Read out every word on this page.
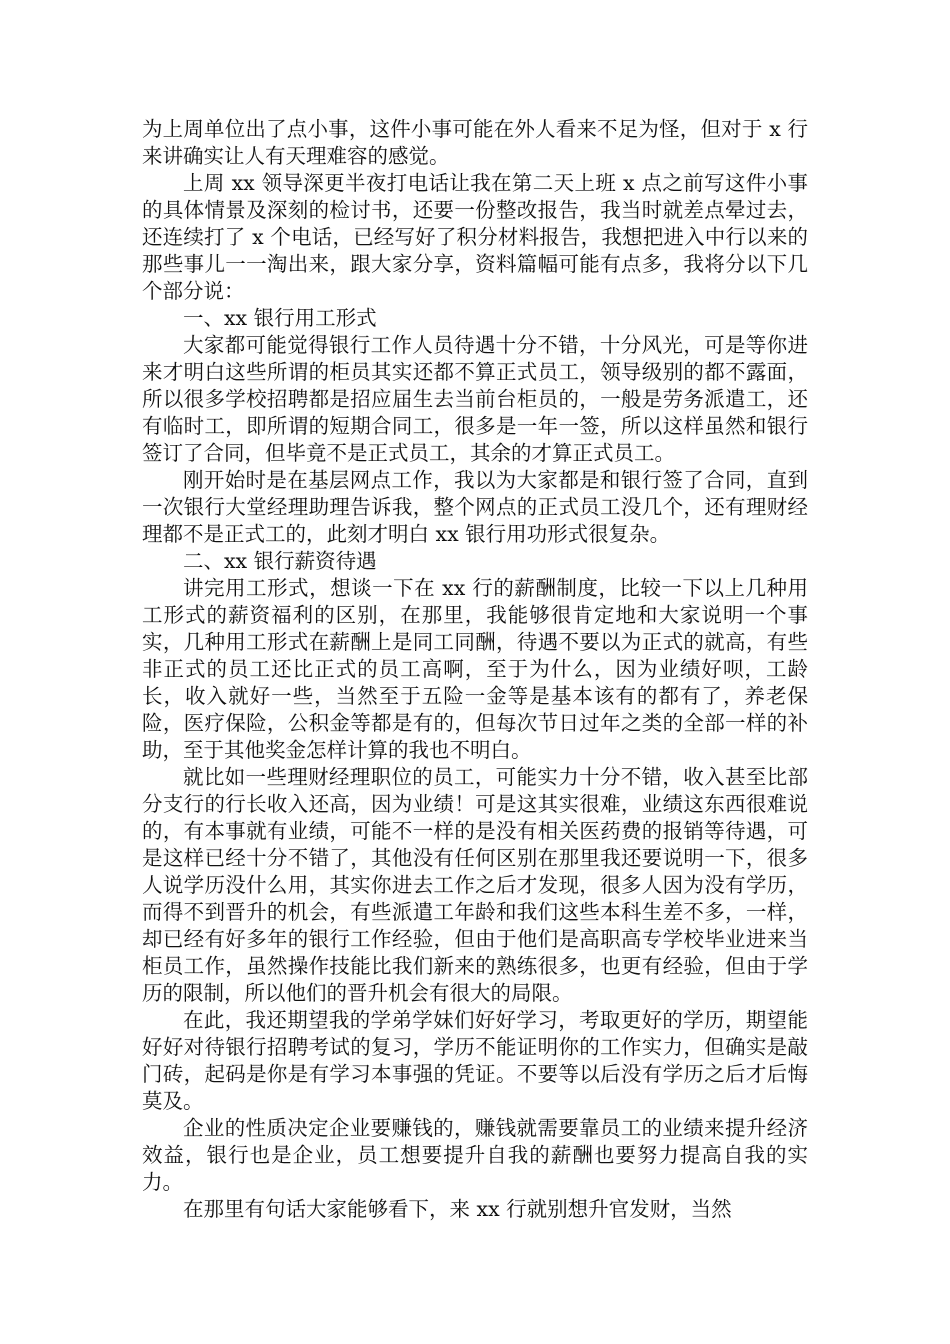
为上周单位出了点小事，这件小事可能在外人看来不足为怪，但对于 x 行来讲确实让人有天理难容的感觉。

上周 xx 领导深更半夜打电话让我在第二天上班 x 点之前写这件小事的具体情景及深刻的检讨书，还要一份整改报告，我当时就差点晕过去，还连续打了 x 个电话，已经写好了积分材料报告，我想把进入中行以来的那些事儿一一淘出来，跟大家分享，资料篇幅可能有点多，我将分以下几个部分说：

一、xx 银行用工形式

大家都可能觉得银行工作人员待遇十分不错，十分风光，可是等你进来才明白这些所谓的柜员其实还都不算正式员工，领导级别的都不露面，所以很多学校招聘都是招应届生去当前台柜员的，一般是劳务派遣工，还有临时工，即所谓的短期合同工，很多是一年一签，所以这样虽然和银行签订了合同，但毕竟不是正式员工，其余的才算正式员工。

刚开始时是在基层网点工作，我以为大家都是和银行签了合同，直到一次银行大堂经理助理告诉我，整个网点的正式员工没几个，还有理财经理都不是正式工的，此刻才明白 xx 银行用功形式很复杂。

二、xx 银行薪资待遇

讲完用工形式，想谈一下在 xx 行的薪酬制度，比较一下以上几种用工形式的薪资福利的区别，在那里，我能够很肯定地和大家说明一个事实，几种用工形式在薪酬上是同工同酬，待遇不要以为正式的就高，有些非正式的员工还比正式的员工高啊，至于为什么，因为业绩好呗，工龄长，收入就好一些，当然至于五险一金等是基本该有的都有了，养老保险，医疗保险，公积金等都是有的，但每次节日过年之类的全部一样的补助，至于其他奖金怎样计算的我也不明白。

就比如一些理财经理职位的员工，可能实力十分不错，收入甚至比部分支行的行长收入还高，因为业绩！可是这其实很难，业绩这东西很难说的，有本事就有业绩，可能不一样的是没有相关医药费的报销等待遇，可是这样已经十分不错了，其他没有任何区别在那里我还要说明一下，很多人说学历没什么用，其实你进去工作之后才发现，很多人因为没有学历，而得不到晋升的机会，有些派遣工年龄和我们这些本科生差不多，一样，却已经有好多年的银行工作经验，但由于他们是高职高专学校毕业进来当柜员工作，虽然操作技能比我们新来的熟练很多，也更有经验，但由于学历的限制，所以他们的晋升机会有很大的局限。

在此，我还期望我的学弟学妹们好好学习，考取更好的学历，期望能好好对待银行招聘考试的复习，学历不能证明你的工作实力，但确实是敲门砖，起码是你是有学习本事强的凭证。不要等以后没有学历之后才后悔莫及。

企业的性质决定企业要赚钱的，赚钱就需要靠员工的业绩来提升经济效益，银行也是企业，员工想要提升自我的薪酬也要努力提高自我的实力。

在那里有句话大家能够看下，来 xx 行就别想升官发财，当然
